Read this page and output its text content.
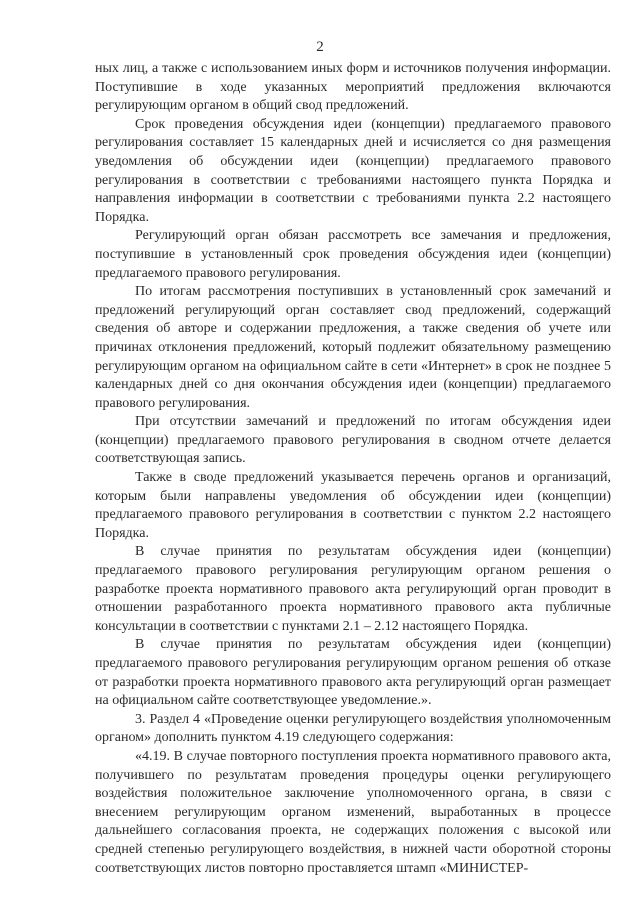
2

ных лиц, а также с использованием иных форм и источников получения информации. Поступившие в ходе указанных мероприятий предложения включаются регулирующим органом в общий свод предложений.

Срок проведения обсуждения идеи (концепции) предлагаемого правового регулирования составляет 15 календарных дней и исчисляется со дня размещения уведомления об обсуждении идеи (концепции) предлагаемого правового регулирования в соответствии с требованиями настоящего пункта Порядка и направления информации в соответствии с требованиями пункта 2.2 настоящего Порядка.

Регулирующий орган обязан рассмотреть все замечания и предложения, поступившие в установленный срок проведения обсуждения идеи (концепции) предлагаемого правового регулирования.

По итогам рассмотрения поступивших в установленный срок замечаний и предложений регулирующий орган составляет свод предложений, содержащий сведения об авторе и содержании предложения, а также сведения об учете или причинах отклонения предложений, который подлежит обязательному размещению регулирующим органом на официальном сайте в сети «Интернет» в срок не позднее 5 календарных дней со дня окончания обсуждения идеи (концепции) предлагаемого правового регулирования.

При отсутствии замечаний и предложений по итогам обсуждения идеи (концепции) предлагаемого правового регулирования в сводном отчете делается соответствующая запись.

Также в своде предложений указывается перечень органов и организаций, которым были направлены уведомления об обсуждении идеи (концепции) предлагаемого правового регулирования в соответствии с пунктом 2.2 настоящего Порядка.

В случае принятия по результатам обсуждения идеи (концепции) предлагаемого правового регулирования регулирующим органом решения о разработке проекта нормативного правового акта регулирующий орган проводит в отношении разработанного проекта нормативного правового акта публичные консультации в соответствии с пунктами 2.1 – 2.12 настоящего Порядка.

В случае принятия по результатам обсуждения идеи (концепции) предлагаемого правового регулирования регулирующим органом решения об отказе от разработки проекта нормативного правового акта регулирующий орган размещает на официальном сайте соответствующее уведомление.».

3. Раздел 4 «Проведение оценки регулирующего воздействия уполномоченным органом» дополнить пунктом 4.19 следующего содержания:

«4.19. В случае повторного поступления проекта нормативного правового акта, получившего по результатам проведения процедуры оценки регулирующего воздействия положительное заключение уполномоченного органа, в связи с внесением регулирующим органом изменений, выработанных в процессе дальнейшего согласования проекта, не содержащих положения с высокой или средней степенью регулирующего воздействия, в нижней части оборотной стороны соответствующих листов повторно проставляется штамп «МИНИСТЕР-
